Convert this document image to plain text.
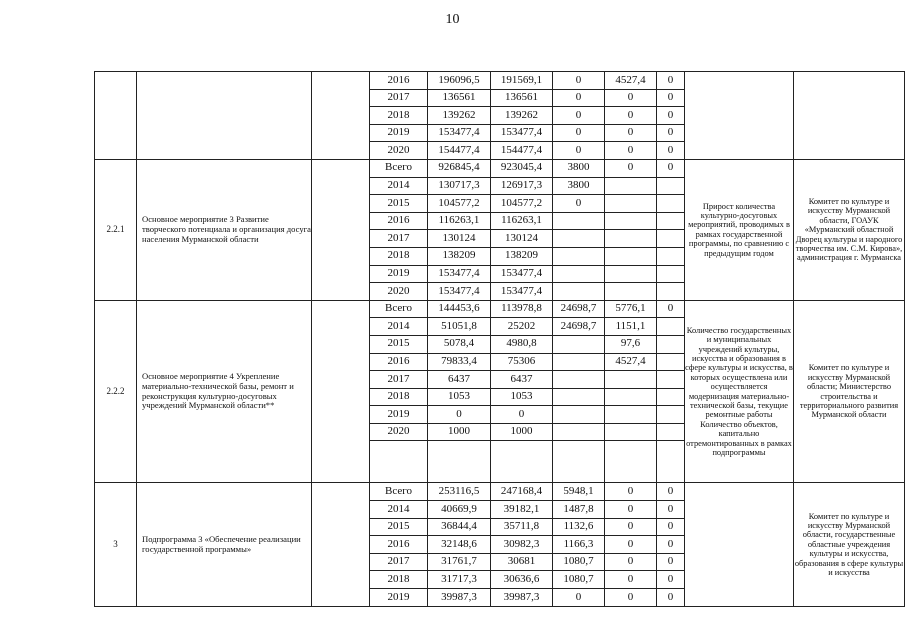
10
			2016	196096,5	191569,1	0	4527,4	0		
			2017	136561	136561	0	0	0		
			2018	139262	139262	0	0	0		
			2019	153477,4	153477,4	0	0	0		
			2020	154477,4	154477,4	0	0	0		
2.2.1	Основное мероприятие 3 Развитие творческого потенциала и организация досуга населения Мурманской области		Всего	926845,4	923045,4	3800	0	0	Прирост количества культурно-досуговых мероприятий, проводимых в рамках государственной программы, по сравнению с предыдущим годом	Комитет по культуре и искусству Мурманской области, ГОАУК «Мурманский областной Дворец культуры и народного творчества им. С.М. Кирова», администрация г. Мурманска
			2014	130717,3	126917,3	3800				
			2015	104577,2	104577,2	0				
			2016	116263,1	116263,1					
			2017	130124	130124					
			2018	138209	138209					
			2019	153477,4	153477,4					
			2020	153477,4	153477,4					
2.2.2	Основное мероприятие 4 Укрепление материально-технической базы, ремонт и реконструкция культурно-досуговых учреждений Мурманской области**		Всего	144453,6	113978,8	24698,7	5776,1	0	Количество государственных и муниципальных учреждений культуры, искусства и образования в сфере культуры и искусства, в которых осуществлена или осуществляется модернизация материально-технической базы, текущие ремонтные работы Количество объектов, капитально отремонтированных в рамках подпрограммы	Комитет по культуре и искусству Мурманской области; Министерство строительства и территориального развития Мурманской области
			2014	51051,8	25202	24698,7	1151,1			
			2015	5078,4	4980,8		97,6			
			2016	79833,4	75306		4527,4			
			2017	6437	6437					
			2018	1053	1053					
			2019	0	0					
			2020	1000	1000					

3	Подпрограмма 3 «Обеспечение реализации государственной программы»		Всего	253116,5	247168,4	5948,1	0	0		Комитет по культуре и искусству Мурманской области, государственные областные учреждения культуры и искусства, образования в сфере культуры и искусства
			2014	40669,9	39182,1	1487,8	0	0		
			2015	36844,4	35711,8	1132,6	0	0		
			2016	32148,6	30982,3	1166,3	0	0		
			2017	31761,7	30681	1080,7	0	0		
			2018	31717,3	30636,6	1080,7	0	0		
			2019	39987,3	39987,3	0	0	0		
